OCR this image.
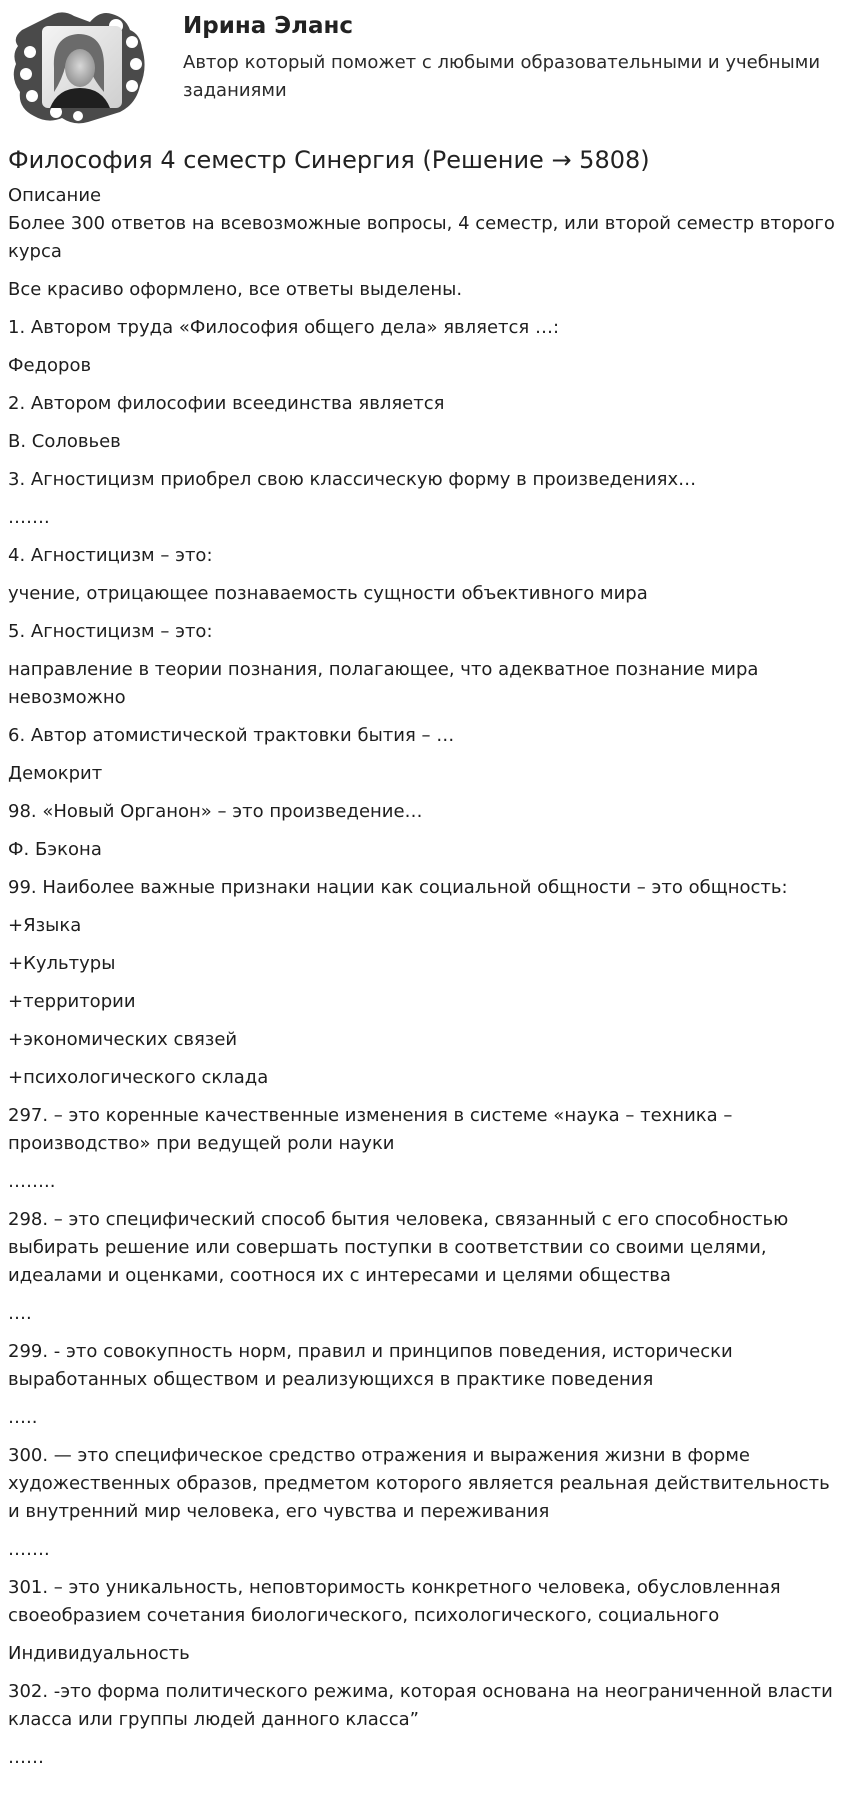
Ирина Эланс
Автор который поможет с любыми образовательными и учебными заданиями
Философия 4 семестр Синергия (Решение → 5808)

Описание

Более 300 ответов на всевозможные вопросы, 4 семестр, или второй семестр второго курса

Все красиво оформлено, все ответы выделены.

1. Автором труда «Философия общего дела» является …:

Федоров

2. Автором философии всеединства является

В. Соловьев

3. Агностицизм приобрел свою классическую форму в произведениях…

…….

4. Агностицизм – это:

учение, отрицающее познаваемость сущности объективного мира

5. Агностицизм – это:

направление в теории познания, полагающее, что адекватное познание мира невозможно

6. Автор атомистической трактовки бытия – …

Демокрит

98. «Новый Органон» – это произведение…

Ф. Бэкона

99. Наиболее важные признаки нации как социальной общности – это общность:

+Языка

+Культуры

+территории

+экономических связей

+психологического склада

297. – это коренные качественные изменения в системе «наука – техника – производство» при ведущей роли науки

……..

298. – это специфический способ бытия человека, связанный с его способностью выбирать решение или совершать поступки в соответствии со своими целями, идеалами и оценками, соотнося их с интересами и целями общества

….

299. - это совокупность норм, правил и принципов поведения, исторически выработанных обществом и реализующихся в практике поведения

…..

300. — это специфическое средство отражения и выражения жизни в форме художественных образов, предметом которого является реальная действительность и внутренний мир человека, его чувства и переживания

…….

301. – это уникальность, неповторимость конкретного человека, обусловленная своеобразием сочетания биологического, психологического, социального

Индивидуальность

302. -это форма политического режима, которая основана на неограниченной власти класса или группы людей данного класса”

……
